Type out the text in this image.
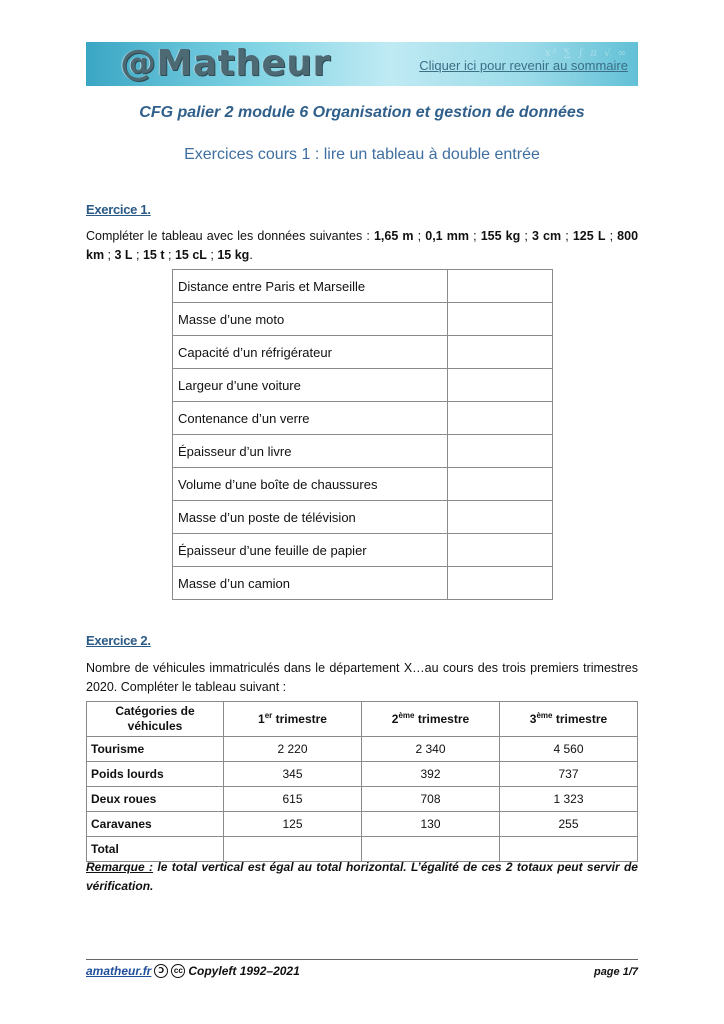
x² ∑ ∫ π √ ∞
@Matheur	Cliquer ici pour revenir au sommaire
CFG palier 2 module 6 Organisation et gestion de données
Exercices cours 1 : lire un tableau à double entrée
Exercice 1.
Compléter le tableau avec les données suivantes : 1,65 m ; 0,1 mm ; 155 kg ; 3 cm ; 125 L ; 800 km ; 3 L ; 15 t ; 15 cL ; 15 kg.
Distance entre Paris et Marseille	
Masse d’une moto	
Capacité d’un réfrigérateur	
Largeur d’une voiture	
Contenance d’un verre	
Épaisseur d’un livre	
Volume d’une boîte de chaussures	
Masse d’un poste de télévision	
Épaisseur d’une feuille de papier	
Masse d’un camion	
Exercice 2.
Nombre de véhicules immatriculés dans le département X…au cours des trois premiers trimestres 2020. Compléter le tableau suivant :
Catégories de véhicules	1er trimestre	2ème trimestre	3ème trimestre
Tourisme	2 220	2 340	4 560
Poids lourds	345	392	737
Deux roues	615	708	1 323
Caravanes	125	130	255
Total			
Remarque : le total vertical est égal au total horizontal. L’égalité de ces 2 totaux peut servir de vérification.
amatheur.fr Ↄ	cc Copyleft 1992–2021	page 1/7
